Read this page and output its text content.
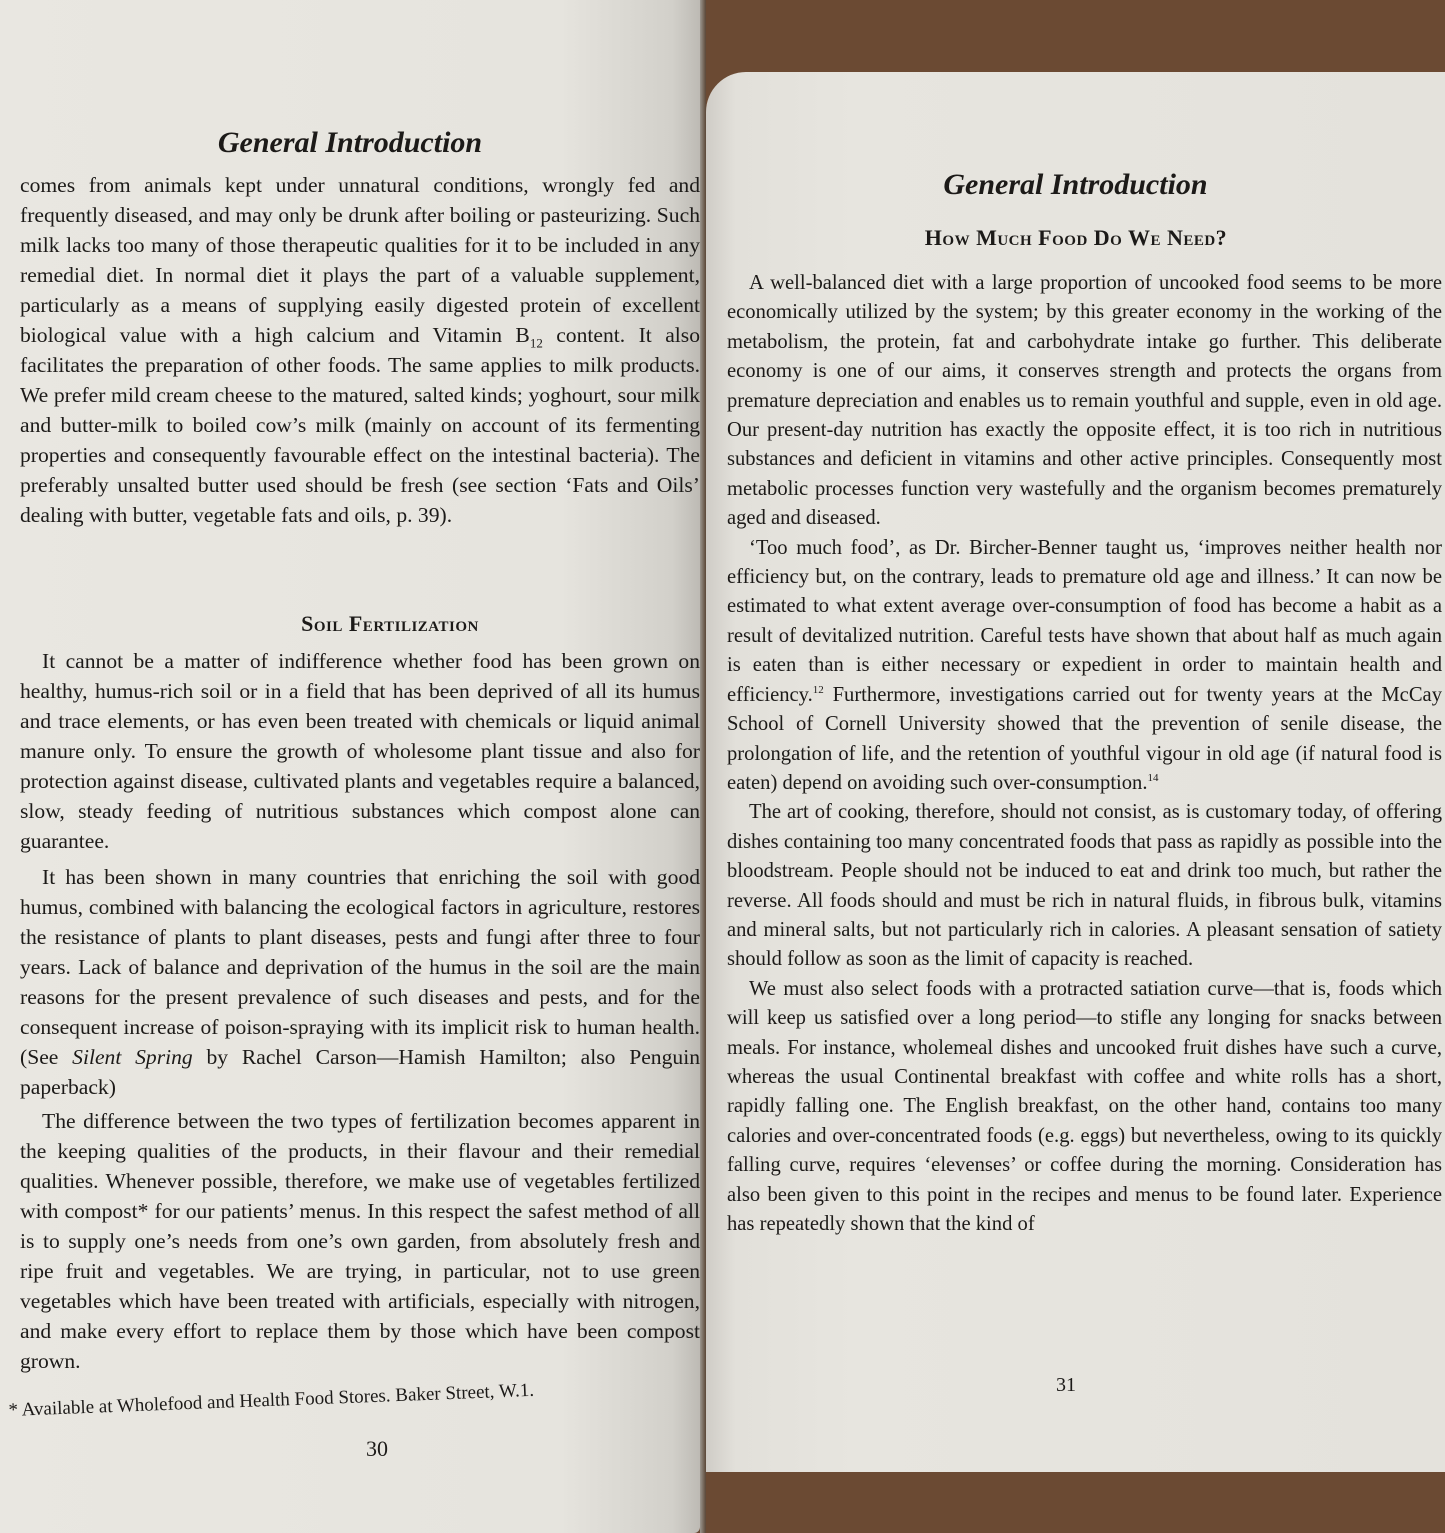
General Introduction

comes from animals kept under unnatural conditions, wrongly fed and frequently diseased, and may only be drunk after boiling or pasteurizing. Such milk lacks too many of those therapeutic qualities for it to be included in any remedial diet. In normal diet it plays the part of a valuable supplement, particularly as a means of supplying easily digested protein of excellent biological value with a high calcium and Vitamin $B_{12}$ content. It also facilitates the preparation of other foods. The same applies to milk products. We prefer mild cream cheese to the matured, salted kinds; yoghourt, sour milk and butter-milk to boiled cow’s milk (mainly on account of its fermenting properties and consequently favourable effect on the intestinal bacteria). The preferably unsalted butter used should be fresh (see section ‘Fats and Oils’ dealing with butter, vegetable fats and oils, p. 39).

Soil Fertilization

It cannot be a matter of indifference whether food has been grown on healthy, humus-rich soil or in a field that has been deprived of all its humus and trace elements, or has even been treated with chemicals or liquid animal manure only. To ensure the growth of wholesome plant tissue and also for protection against disease, cultivated plants and vegetables require a balanced, slow, steady feeding of nutritious substances which compost alone can guarantee.

It has been shown in many countries that enriching the soil with good humus, combined with balancing the ecological factors in agriculture, restores the resistance of plants to plant diseases, pests and fungi after three to four years. Lack of balance and deprivation of the humus in the soil are the main reasons for the present prevalence of such diseases and pests, and for the consequent increase of poison-spraying with its implicit risk to human health. (See Silent Spring by Rachel Carson—Hamish Hamilton; also Penguin paperback)

The difference between the two types of fertilization becomes apparent in the keeping qualities of the products, in their flavour and their remedial qualities. Whenever possible, therefore, we make use of vegetables fertilized with compost* for our patients’ menus. In this respect the safest method of all is to supply one’s needs from one’s own garden, from absolutely fresh and ripe fruit and vegetables. We are trying, in particular, not to use green vegetables which have been treated with artificials, especially with nitrogen, and make every effort to replace them by those which have been compost grown.

* Available at Wholefood and Health Food Stores. Baker Street, W.1.
30
General Introduction
How Much Food Do We Need?

A well-balanced diet with a large proportion of uncooked food seems to be more economically utilized by the system; by this greater economy in the working of the metabolism, the protein, fat and carbohydrate intake go further. This deliberate economy is one of our aims, it conserves strength and protects the organs from premature depreciation and enables us to remain youthful and supple, even in old age. Our present-day nutrition has exactly the opposite effect, it is too rich in nutritious substances and deficient in vitamins and other active principles. Consequently most metabolic processes function very wastefully and the organism becomes prematurely aged and diseased.

‘Too much food’, as Dr. Bircher-Benner taught us, ‘improves neither health nor efficiency but, on the contrary, leads to premature old age and illness.’ It can now be estimated to what extent average over-consumption of food has become a habit as a result of devitalized nutrition. Careful tests have shown that about half as much again is eaten than is either necessary or expedient in order to maintain health and efficiency.$^{12}$ Furthermore, investigations carried out for twenty years at the McCay School of Cornell University showed that the prevention of senile disease, the prolongation of life, and the retention of youthful vigour in old age (if natural food is eaten) depend on avoiding such over-consumption.$^{14}$

The art of cooking, therefore, should not consist, as is customary today, of offering dishes containing too many concentrated foods that pass as rapidly as possible into the bloodstream. People should not be induced to eat and drink too much, but rather the reverse. All foods should and must be rich in natural fluids, in fibrous bulk, vitamins and mineral salts, but not particularly rich in calories. A pleasant sensation of satiety should follow as soon as the limit of capacity is reached.

We must also select foods with a protracted satiation curve—that is, foods which will keep us satisfied over a long period—to stifle any longing for snacks between meals. For instance, wholemeal dishes and uncooked fruit dishes have such a curve, whereas the usual Continental breakfast with coffee and white rolls has a short, rapidly falling one. The English breakfast, on the other hand, contains too many calories and over-concentrated foods (e.g. eggs) but nevertheless, owing to its quickly falling curve, requires ‘elevenses’ or coffee during the morning. Consideration has also been given to this point in the recipes and menus to be found later. Experience has repeatedly shown that the kind of

31
